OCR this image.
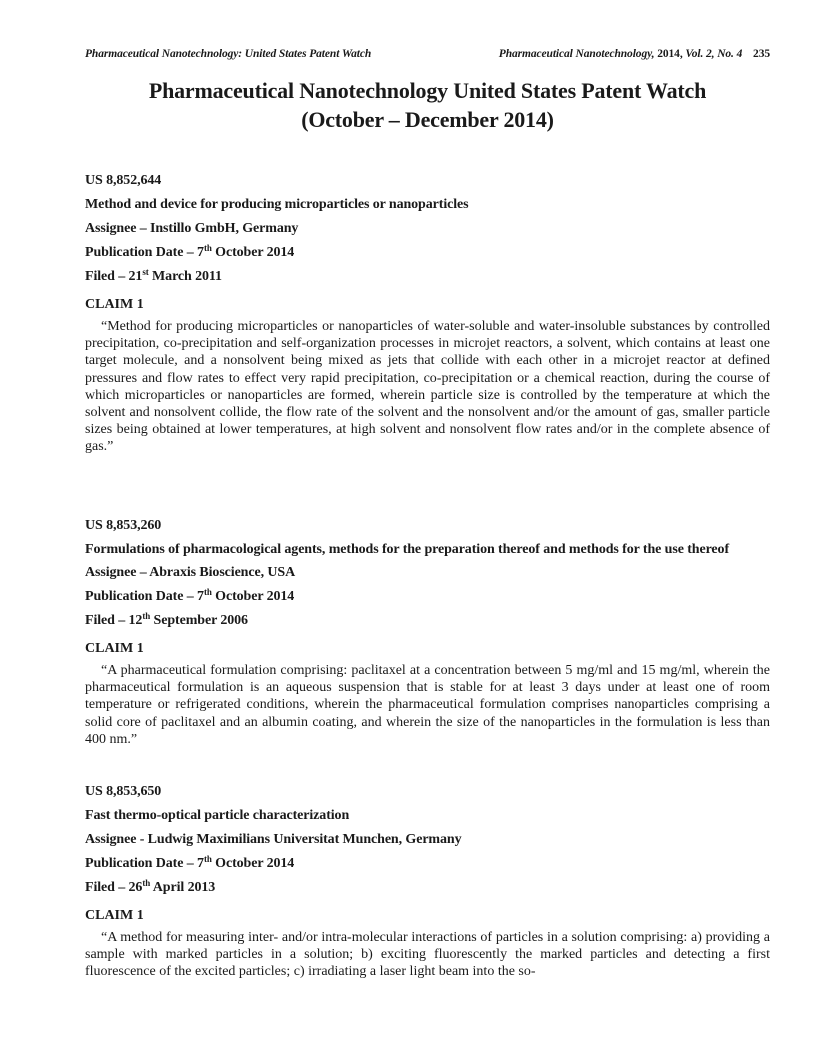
Pharmaceutical Nanotechnology: United States Patent Watch	Pharmaceutical Nanotechnology, 2014, Vol. 2, No. 4 235
Pharmaceutical Nanotechnology United States Patent Watch
(October – December 2014)
US 8,852,644
Method and device for producing microparticles or nanoparticles
Assignee – Instillo GmbH, Germany
Publication Date – 7th October 2014
Filed – 21st March 2011
CLAIM 1

“Method for producing microparticles or nanoparticles of water-soluble and water-insoluble substances by controlled precipitation, co-precipitation and self-organization processes in microjet reactors, a solvent, which contains at least one target molecule, and a nonsolvent being mixed as jets that collide with each other in a microjet reactor at defined pressures and flow rates to effect very rapid precipitation, co-precipitation or a chemical reaction, during the course of which microparticles or nanoparticles are formed, wherein particle size is controlled by the temperature at which the solvent and nonsolvent collide, the flow rate of the solvent and the nonsolvent and/or the amount of gas, smaller particle sizes being obtained at lower temperatures, at high solvent and nonsolvent flow rates and/or in the complete absence of gas.”

US 8,853,260
Formulations of pharmacological agents, methods for the preparation thereof and methods for the use thereof
Assignee – Abraxis Bioscience, USA
Publication Date – 7th October 2014
Filed – 12th September 2006
CLAIM 1

“A pharmaceutical formulation comprising: paclitaxel at a concentration between 5 mg/ml and 15 mg/ml, wherein the pharmaceutical formulation is an aqueous suspension that is stable for at least 3 days under at least one of room temperature or refrigerated conditions, wherein the pharmaceutical formulation comprises nanoparticles comprising a solid core of paclitaxel and an albumin coating, and wherein the size of the nanoparticles in the formulation is less than 400 nm.”

US 8,853,650
Fast thermo-optical particle characterization
Assignee - Ludwig Maximilians Universitat Munchen, Germany
Publication Date – 7th October 2014
Filed – 26th April 2013
CLAIM 1

“A method for measuring inter- and/or intra-molecular interactions of particles in a solution comprising: a) providing a sample with marked particles in a solution; b) exciting fluorescently the marked particles and detecting a first fluorescence of the excited particles; c) irradiating a laser light beam into the so-
